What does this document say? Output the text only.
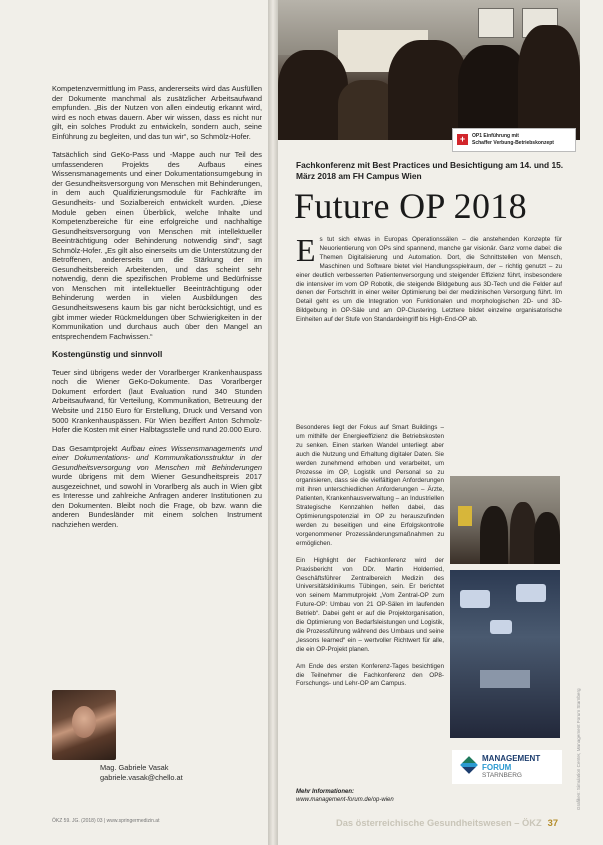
Kompetenzvermittlung im Pass, andererseits wird das Ausfüllen der Dokumente manchmal als zusätzlicher Arbeitsaufwand empfunden. „Bis der Nutzen von allen eindeutig erkannt wird, wird es noch etwas dauern. Aber wir wissen, dass es nicht nur gilt, ein solches Produkt zu entwickeln, sondern auch, seine Einführung zu begleiten, und das tun wir“, so Schmölz-Hofer.

Tatsächlich sind GeKo-Pass und -Mappe auch nur Teil des umfassenderen Projekts des Aufbaus eines Wissensmanagements und einer Dokumentationsumgebung in der Gesundheitsversorgung von Menschen mit Behinderungen, in dem auch Qualifizierungsmodule für Fachkräfte im Gesundheits- und Sozialbereich entwickelt wurden. „Diese Module geben einen Überblick, welche Inhalte und Kompetenzbereiche für eine erfolgreiche und nachhaltige Gesundheitsversorgung von Menschen mit intellektueller Beeinträchtigung oder Behinderung notwendig sind“, sagt Schmölz-Hofer. „Es gilt also einerseits um die Unterstützung der Betroffenen, andererseits um die Stärkung der im Gesundheitsbereich Arbeitenden, und das scheint sehr notwendig, denn die spezifischen Probleme und Bedürfnisse von Menschen mit intellektueller Beeinträchtigung oder Behinderung werden in vielen Ausbildungen des Gesundheitswesens kaum bis gar nicht berücksichtigt, und es gibt immer wieder Rückmeldungen über Schwierigkeiten in der Kommunikation und durchaus auch über den Mangel an entsprechendem Fachwissen.“

Kostengünstig und sinnvoll

Teuer sind übrigens weder der Vorarlberger Krankenhauspass noch die Wiener GeKo-Dokumente. Das Vorarlberger Dokument erfordert (laut Evaluation rund 340 Stunden Arbeitsaufwand, für Verteilung, Kommunikation, Betreuung der Website und 2150 Euro für Erstellung, Druck und Versand von 5000 Krankenhauspässen. Für Wien beziffert Anton Schmolz-Hofer die Kosten mit einer Halbtagsstelle und rund 20.000 Euro.

Das Gesamtprojekt Aufbau eines Wissensmanagements und einer Dokumentations- und Kommunikationsstruktur in der Gesundheitsversorgung von Menschen mit Behinderungen wurde übrigens mit dem Wiener Gesundheitspreis 2017 ausgezeichnet, und sowohl in Vorarlberg als auch in Wien gibt es Interesse und zahlreiche Anfragen anderer Institutionen zu den Dokumenten. Bleibt noch die Frage, ob bzw. wann die anderen Bundesländer mit einem solchen Instrument nachziehen werden.

Mag. Gabriele Vasak
gabriele.vasak@chello.at
ÖKZ 59. JG. (2018) 03 | www.springermedizin.at
+	OP1 Einführung mit
Schaffer Verbung-Betriebskonzept
Fachkonferenz mit Best Practices und Besichtigung am 14. und 15. März 2018 am FH Campus Wien
Future OP 2018

Es tut sich etwas in Europas Operationssälen – die anstehenden Konzepte für Neuorientierung von OPs sind spannend, manche gar visionär. Ganz vorne dabei: die Themen Digitalisierung und Automation. Dort, die Schnittstellen von Mensch, Maschinen und Software bietet viel Handlungsspielraum, der – richtig genutzt – zu einer deutlich verbesserten Patientenversorgung und steigender Effizienz führt, insbesondere die intensiver im vom OP Robotik, die steigende Bildgebung aus 3D-Tech und die Felder auf denen der Fortschritt in einer weiter Optimierung bei der medizinischen Versorgung führt. Im Detail geht es um die Integration von Funktionalen und morphologischen 2D- und 3D-Bildgebung in OP-Säle und am OP-Clustering. Letztere bildet einzelne organisatorische Einheiten auf der Stufe von Standardeingriff bis High-End-OP ab.

Besonderes liegt der Fokus auf Smart Buildings – um mithilfe der Energieeffizienz die Betriebskosten zu senken. Einen starken Wandel unterliegt aber auch die Nutzung und Erhaltung digitaler Daten. Sie werden zunehmend erhoben und verarbeitet, um Prozesse im OP, Logistik und Personal so zu organisieren, dass sie die vielfältigen Anforderungen mit ihren unterschiedlichen Anforderungen – Ärzte, Patienten, Krankenhausverwaltung – an Industriellen Strategische Kennzahlen helfen dabei, das Optimierungspotenzial im OP zu herauszufinden werden zu beseitigen und eine Erfolgskontrolle vorgenommener Prozessänderungsmaßnahmen zu ermöglichen.

Ein Highlight der Fachkonferenz wird der Praxisbericht von DDr. Martin Holderried, Geschäftsführer Zentralbereich Medizin des Universitätsklinikums Tübingen, sein. Er berichtet von seinem Mammutprojekt „Vom Zentral-OP zum Future-OP: Umbau von 21 OP-Sälen im laufenden Betrieb“. Dabei geht er auf die Projektorganisation, die Optimierung von Bedarfsleistungen und Logistik, die Prozessführung während des Umbaus und seine „lessons learned“ ein – wertvoller Richtwert für alle, die ein OP-Projekt planen.

Am Ende des ersten Konferenz-Tages besichtigen die Teilnehmer die Fachkonferenz den OP8-Forschungs- und Lehr-OP am Campus.

MANAGEMENT
FORUM
STARNBERG
Mehr Informationen:
www.management-forum.de/op-wien
Das österreichische Gesundheitswesen – ÖKZ 37
Grafiken: Simulation Center, Management Forum Starnberg
